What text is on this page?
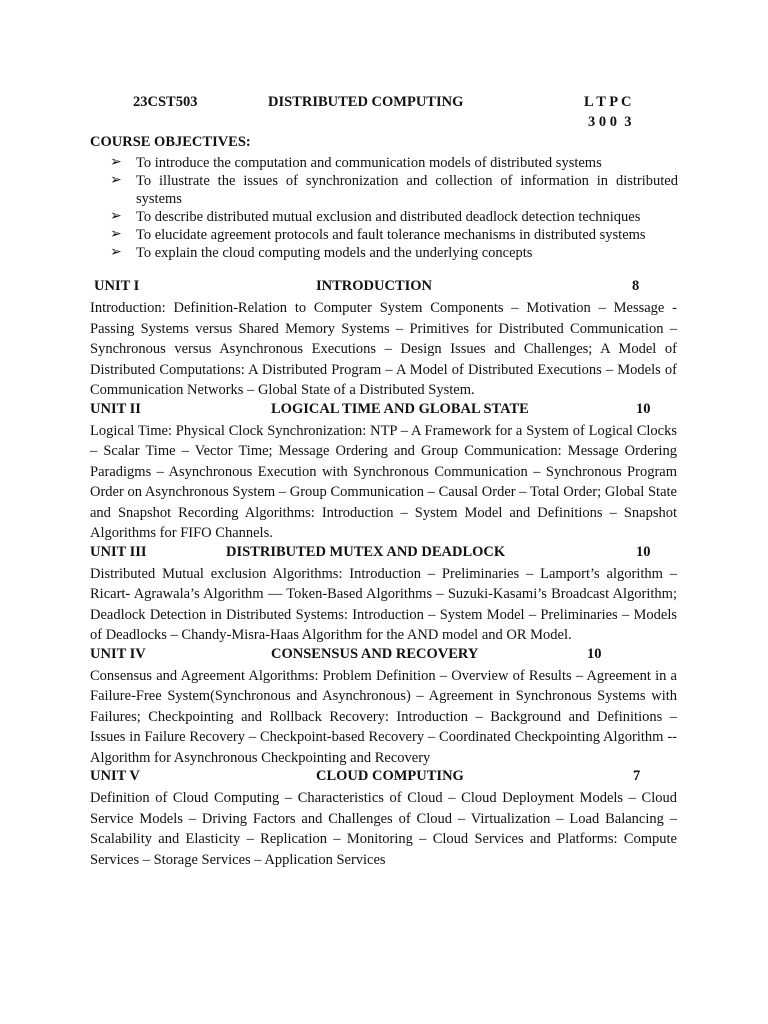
23CST503	DISTRIBUTED COMPUTING	L T P C
3 0 0  3
COURSE OBJECTIVES:
➢ To introduce the computation and communication models of distributed systems
➢ To illustrate the issues of synchronization and collection of information in distributed systems
➢ To describe distributed mutual exclusion and distributed deadlock detection techniques
➢ To elucidate agreement protocols and fault tolerance mechanisms in distributed systems
➢ To explain the cloud computing models and the underlying concepts
UNIT I	INTRODUCTION	8
Introduction: Definition-Relation to Computer System Components – Motivation – Message -Passing Systems versus Shared Memory Systems – Primitives for Distributed Communication – Synchronous versus Asynchronous Executions – Design Issues and Challenges; A Model of Distributed Computations: A Distributed Program – A Model of Distributed Executions – Models of Communication Networks – Global State of a Distributed System.
UNIT II	LOGICAL TIME AND GLOBAL STATE	10
Logical Time: Physical Clock Synchronization: NTP – A Framework for a System of Logical Clocks – Scalar Time – Vector Time; Message Ordering and Group Communication: Message Ordering Paradigms – Asynchronous Execution with Synchronous Communication – Synchronous Program Order on Asynchronous System – Group Communication – Causal Order – Total Order; Global State and Snapshot Recording Algorithms: Introduction – System Model and Definitions – Snapshot Algorithms for FIFO Channels.
UNIT III	DISTRIBUTED MUTEX AND DEADLOCK	10
Distributed Mutual exclusion Algorithms: Introduction – Preliminaries – Lamport’s algorithm – Ricart- Agrawala’s Algorithm –– Token-Based Algorithms – Suzuki-Kasami’s Broadcast Algorithm; Deadlock Detection in Distributed Systems: Introduction – System Model – Preliminaries – Models of Deadlocks – Chandy-Misra-Haas Algorithm for the AND model and OR Model.
UNIT IV	CONSENSUS AND RECOVERY	10
Consensus and Agreement Algorithms: Problem Definition – Overview of Results – Agreement in a Failure-Free System(Synchronous and Asynchronous) – Agreement in Synchronous Systems with Failures; Checkpointing and Rollback Recovery: Introduction – Background and Definitions – Issues in Failure Recovery – Checkpoint-based Recovery – Coordinated Checkpointing Algorithm -- Algorithm for Asynchronous Checkpointing and Recovery
UNIT V	CLOUD COMPUTING	7
Definition of Cloud Computing – Characteristics of Cloud – Cloud Deployment Models – Cloud Service Models – Driving Factors and Challenges of Cloud – Virtualization – Load Balancing – Scalability and Elasticity – Replication – Monitoring – Cloud Services and Platforms: Compute Services – Storage Services – Application Services
